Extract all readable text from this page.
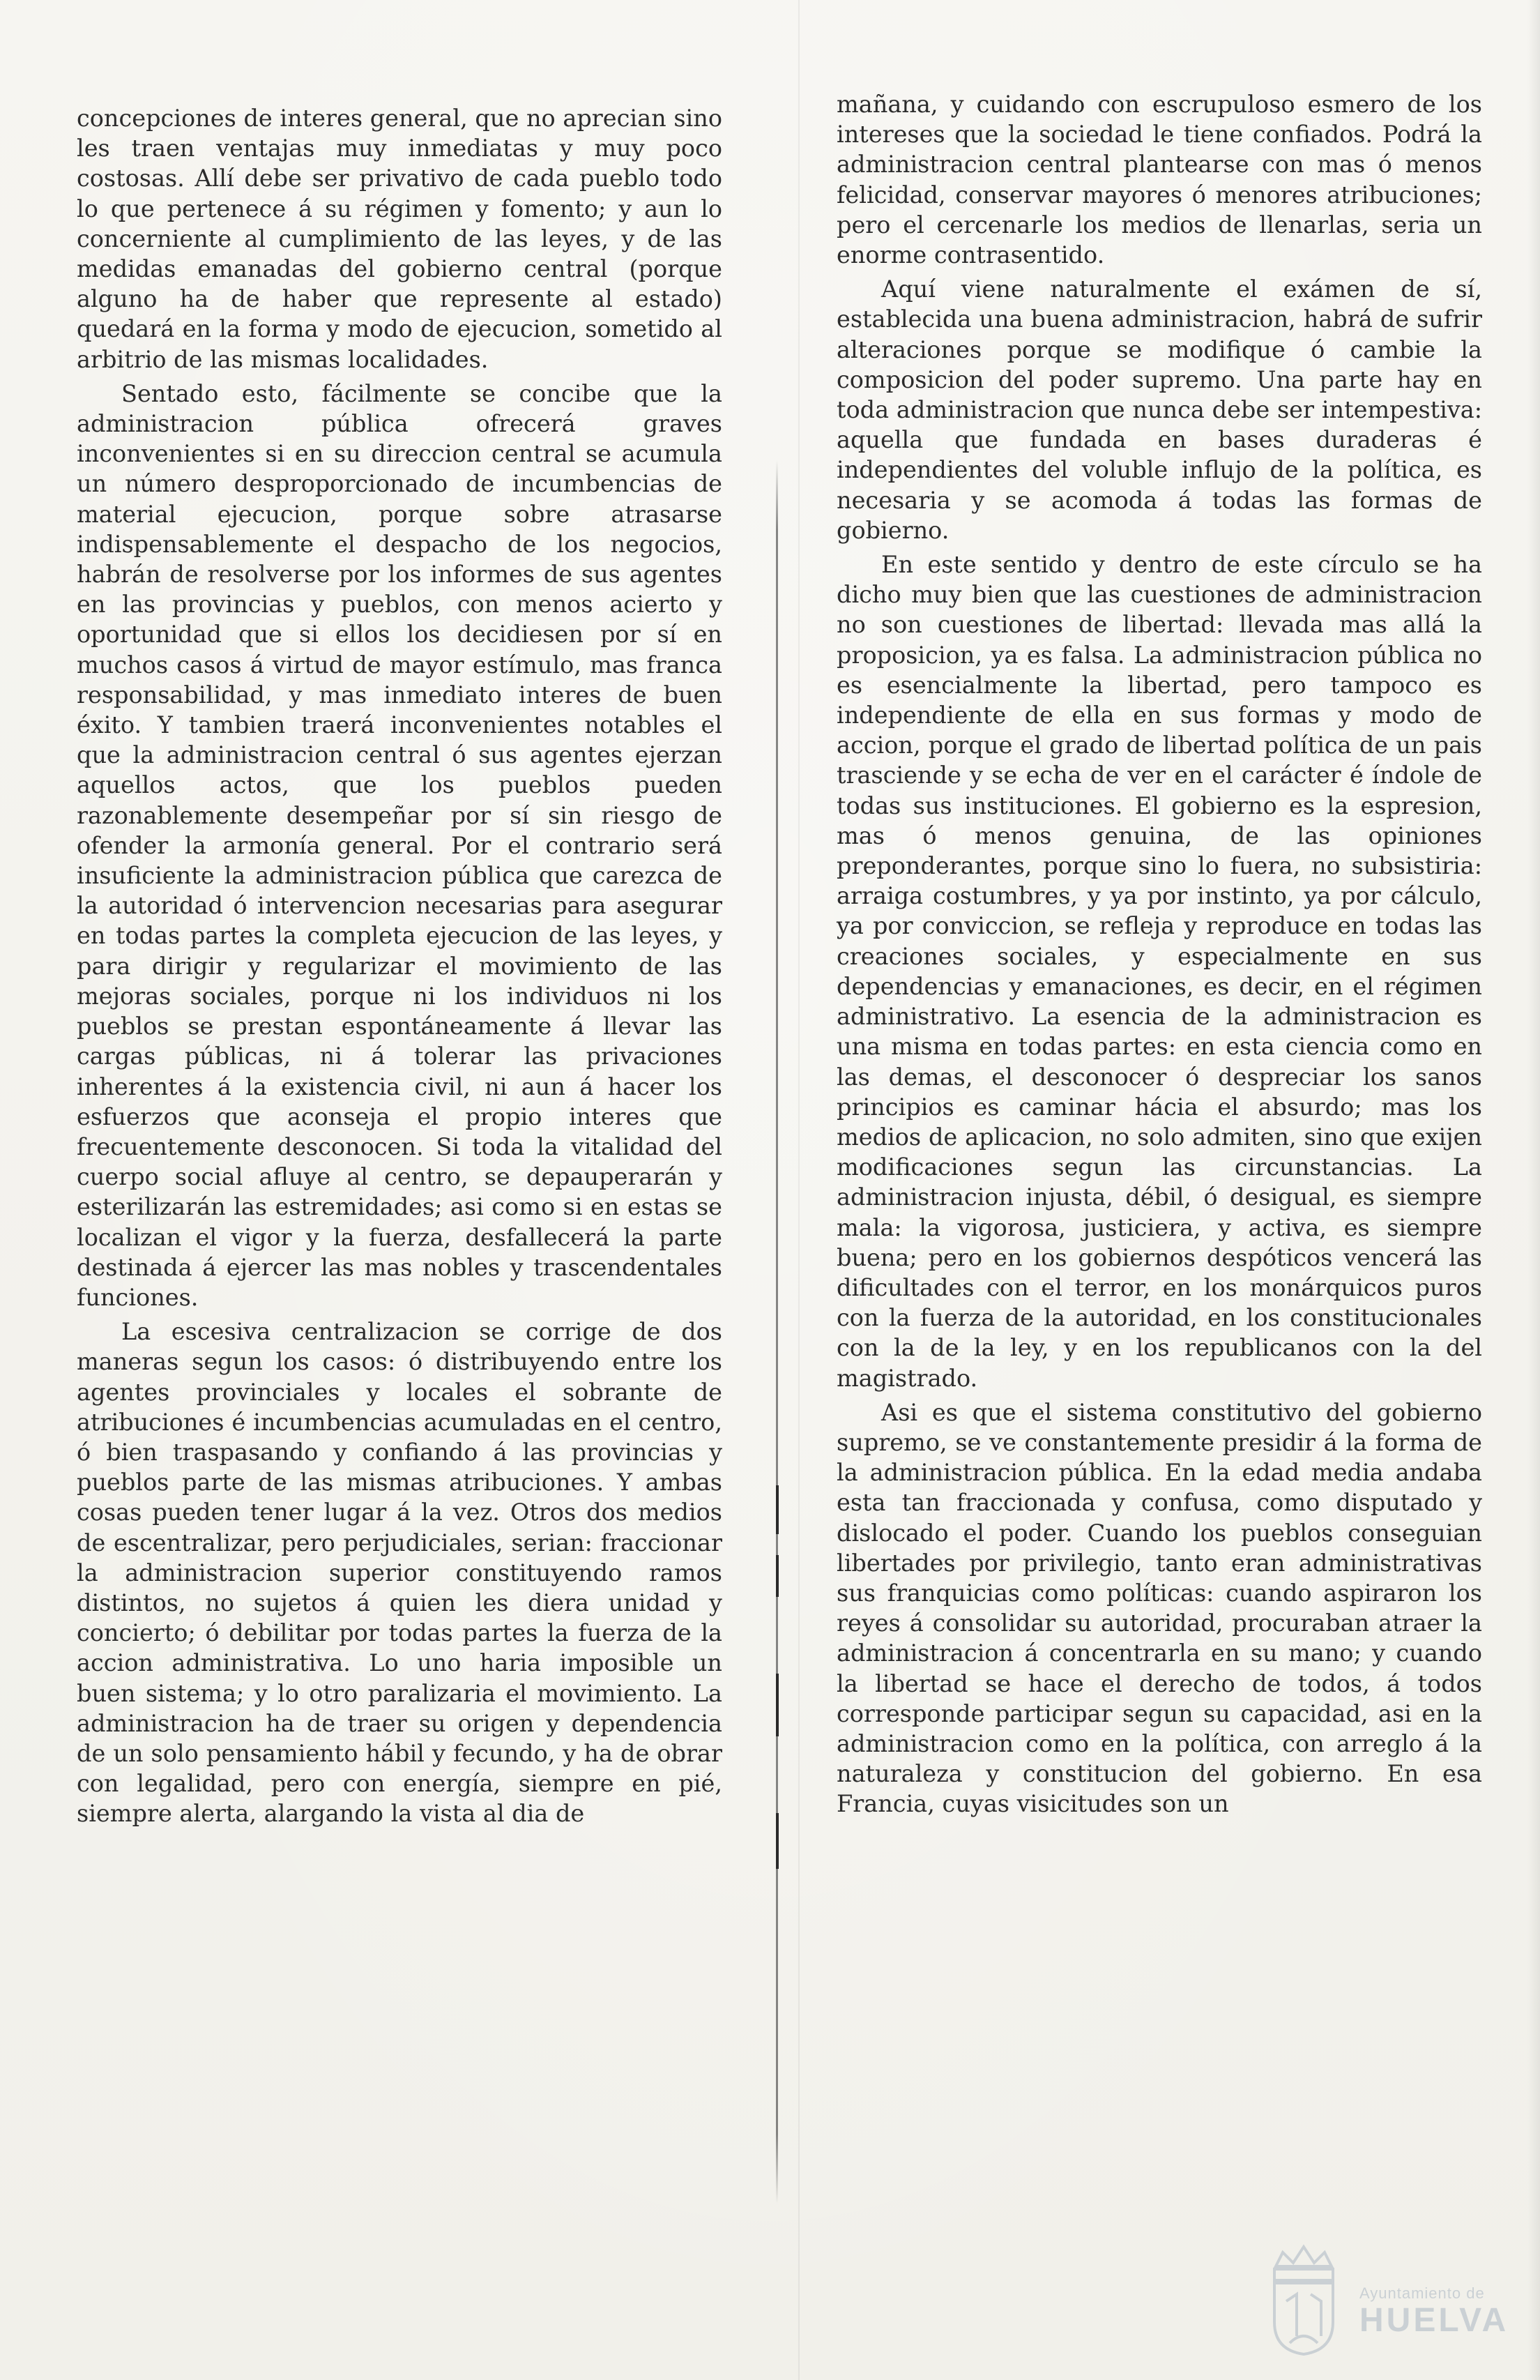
concepciones de interes general, que no aprecian sino les traen ventajas muy inmediatas y muy poco costosas. Allí debe ser privativo de cada pueblo todo lo que pertenece á su régimen y fomento; y aun lo concerniente al cumplimiento de las leyes, y de las medidas emanadas del gobierno central (porque alguno ha de haber que represente al estado) quedará en la forma y modo de ejecucion, sometido al arbitrio de las mismas localidades.

Sentado esto, fácilmente se concibe que la administracion pública ofrecerá graves inconvenientes si en su direccion central se acumula un número desproporcionado de incumbencias de material ejecucion, porque sobre atrasarse indispensablemente el despacho de los negocios, habrán de resolverse por los informes de sus agentes en las provincias y pueblos, con menos acierto y oportunidad que si ellos los decidiesen por sí en muchos casos á virtud de mayor estímulo, mas franca responsabilidad, y mas inmediato interes de buen éxito. Y tambien traerá inconvenientes notables el que la administracion central ó sus agentes ejerzan aquellos actos, que los pueblos pueden razonablemente desempeñar por sí sin riesgo de ofender la armonía general. Por el contrario será insuficiente la administracion pública que carezca de la autoridad ó intervencion necesarias para asegurar en todas partes la completa ejecucion de las leyes, y para dirigir y regularizar el movimiento de las mejoras sociales, porque ni los individuos ni los pueblos se prestan espontáneamente á llevar las cargas públicas, ni á tolerar las privaciones inherentes á la existencia civil, ni aun á hacer los esfuerzos que aconseja el propio interes que frecuentemente desconocen. Si toda la vitalidad del cuerpo social afluye al centro, se depauperarán y esterilizarán las estremidades; asi como si en estas se localizan el vigor y la fuerza, desfallecerá la parte destinada á ejercer las mas nobles y trascendentales funciones.

La escesiva centralizacion se corrige de dos maneras segun los casos: ó distribuyendo entre los agentes provinciales y locales el sobrante de atribuciones é incumbencias acumuladas en el centro, ó bien traspasando y confiando á las provincias y pueblos parte de las mismas atribuciones. Y ambas cosas pueden tener lugar á la vez. Otros dos medios de escentralizar, pero perjudiciales, serian: fraccionar la administracion superior constituyendo ramos distintos, no sujetos á quien les diera unidad y concierto; ó debilitar por todas partes la fuerza de la accion administrativa. Lo uno haria imposible un buen sistema; y lo otro paralizaria el movimiento. La administracion ha de traer su origen y dependencia de un solo pensamiento hábil y fecundo, y ha de obrar con legalidad, pero con energía, siempre en pié, siempre alerta, alargando la vista al dia de

mañana, y cuidando con escrupuloso esmero de los intereses que la sociedad le tiene confiados. Podrá la administracion central plantearse con mas ó menos felicidad, conservar mayores ó menores atribuciones; pero el cercenarle los medios de llenarlas, seria un enorme contrasentido.

Aquí viene naturalmente el exámen de sí, establecida una buena administracion, habrá de sufrir alteraciones porque se modifique ó cambie la composicion del poder supremo. Una parte hay en toda administracion que nunca debe ser intempestiva: aquella que fundada en bases duraderas é independientes del voluble influjo de la política, es necesaria y se acomoda á todas las formas de gobierno.

En este sentido y dentro de este círculo se ha dicho muy bien que las cuestiones de administracion no son cuestiones de libertad: llevada mas allá la proposicion, ya es falsa. La administracion pública no es esencialmente la libertad, pero tampoco es independiente de ella en sus formas y modo de accion, porque el grado de libertad política de un pais trasciende y se echa de ver en el carácter é índole de todas sus instituciones. El gobierno es la espresion, mas ó menos genuina, de las opiniones preponderantes, porque sino lo fuera, no subsistiria: arraiga costumbres, y ya por instinto, ya por cálculo, ya por conviccion, se refleja y reproduce en todas las creaciones sociales, y especialmente en sus dependencias y emanaciones, es decir, en el régimen administrativo. La esencia de la administracion es una misma en todas partes: en esta ciencia como en las demas, el desconocer ó despreciar los sanos principios es caminar hácia el absurdo; mas los medios de aplicacion, no solo admiten, sino que exijen modificaciones segun las circunstancias. La administracion injusta, débil, ó desigual, es siempre mala: la vigorosa, justiciera, y activa, es siempre buena; pero en los gobiernos despóticos vencerá las dificultades con el terror, en los monárquicos puros con la fuerza de la autoridad, en los constitucionales con la de la ley, y en los republicanos con la del magistrado.

Asi es que el sistema constitutivo del gobierno supremo, se ve constantemente presidir á la forma de la administracion pública. En la edad media andaba esta tan fraccionada y confusa, como disputado y dislocado el poder. Cuando los pueblos conseguian libertades por privilegio, tanto eran administrativas sus franquicias como políticas: cuando aspiraron los reyes á consolidar su autoridad, procuraban atraer la administracion á concentrarla en su mano; y cuando la libertad se hace el derecho de todos, á todos corresponde participar segun su capacidad, asi en la administracion como en la política, con arreglo á la naturaleza y constitucion del gobierno. En esa Francia, cuyas visicitudes son un

Ayuntamiento de
HUELVA
